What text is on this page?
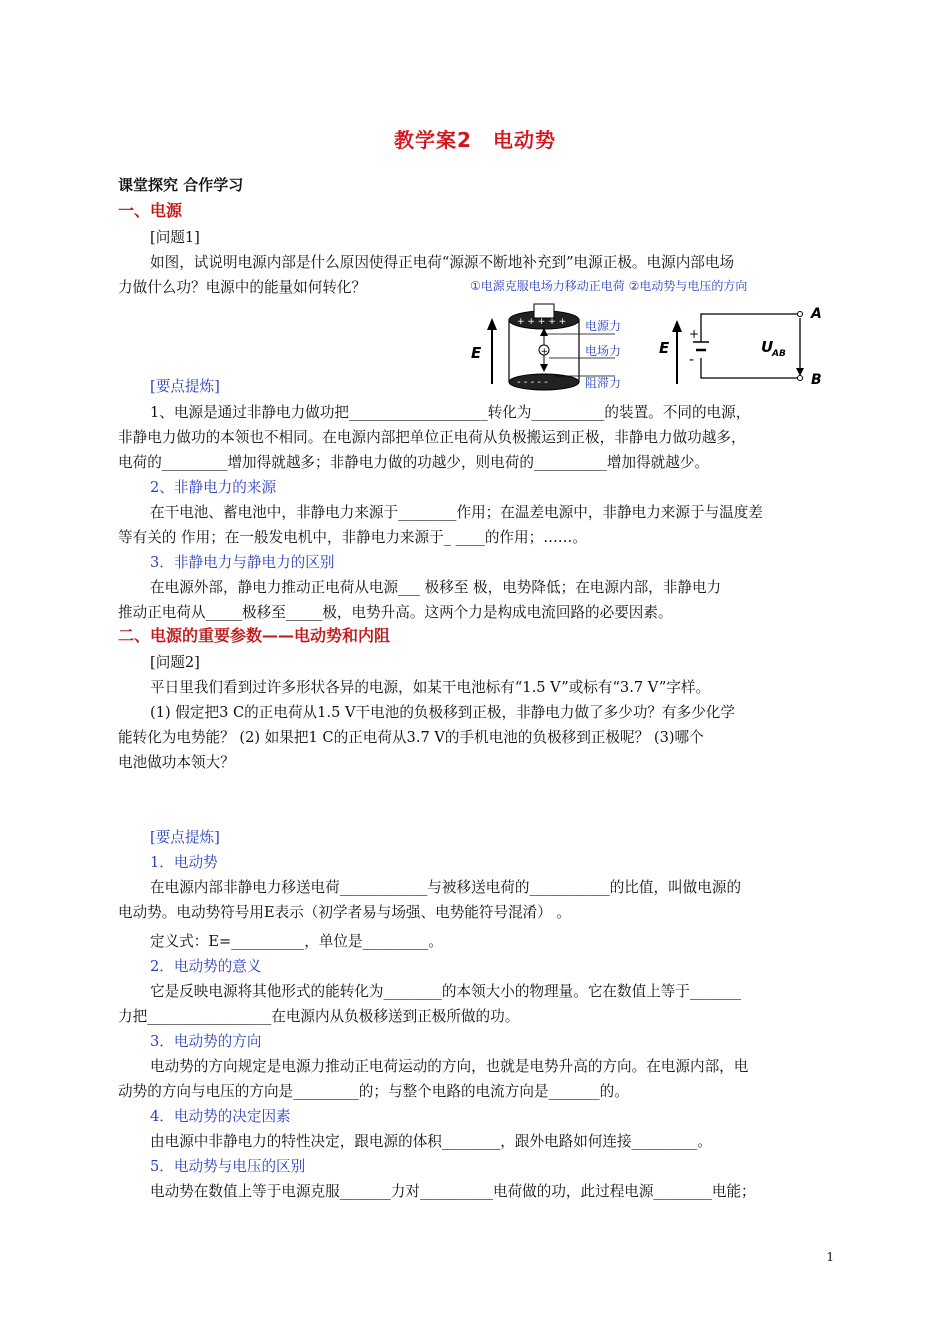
教学案2　电动势
课堂探究 合作学习
一、电源
[问题1]
如图，试说明电源内部是什么原因使得正电荷“源源不断地补充到”电源正极。电源内部电场
力做什么功？电源中的能量如何转化？	①电源克服电场力移动正电荷 ②电动势与电压的方向
E
+ + + + +
- - - - -
+
电源力
电场力
阻滞力
E
+
-
U
AB
A
B
[要点提炼]
1、电源是通过非静电力做功把___________________转化为__________的装置。不同的电源，
非静电力做功的本领也不相同。在电源内部把单位正电荷从负极搬运到正极，非静电力做功越多，
电荷的_________增加得就越多；非静电力做的功越少，则电荷的__________增加得就越少。
2、非静电力的来源
在干电池、蓄电池中，非静电力来源于________作用；在温差电源中，非静电力来源于与温度差
等有关的 作用；在一般发电机中，非静电力来源于_ ____的作用；……。
3．非静电力与静电力的区别
在电源外部，静电力推动正电荷从电源___ 极移至 极，电势降低；在电源内部，非静电力
推动正电荷从_____极移至_____极，电势升高。这两个力是构成电流回路的必要因素。
二、电源的重要参数——电动势和内阻
[问题2]
平日里我们看到过许多形状各异的电源，如某干电池标有“1.5 V”或标有“3.7 V”字样。
(1) 假定把3 C的正电荷从1.5 V干电池的负极移到正极，非静电力做了多少功？有多少化学
能转化为电势能？ (2) 如果把1 C的正电荷从3.7 V的手机电池的负极移到正极呢？ (3)哪个
电池做功本领大？
[要点提炼]
1．电动势
在电源内部非静电力移送电荷____________与被移送电荷的___________的比值，叫做电源的
电动势。电动势符号用E表示（初学者易与场强、电势能符号混淆） 。
定义式：E=__________，单位是_________。
2．电动势的意义
它是反映电源将其他形式的能转化为________的本领大小的物理量。它在数值上等于_______
力把_________________在电源内从负极移送到正极所做的功。
3．电动势的方向
电动势的方向规定是电源力推动正电荷运动的方向，也就是电势升高的方向。在电源内部，电
动势的方向与电压的方向是_________的；与整个电路的电流方向是_______的。
4．电动势的决定因素
由电源中非静电力的特性决定，跟电源的体积________，跟外电路如何连接_________。
5．电动势与电压的区别
电动势在数值上等于电源克服_______力对__________电荷做的功，此过程电源________电能；
1
